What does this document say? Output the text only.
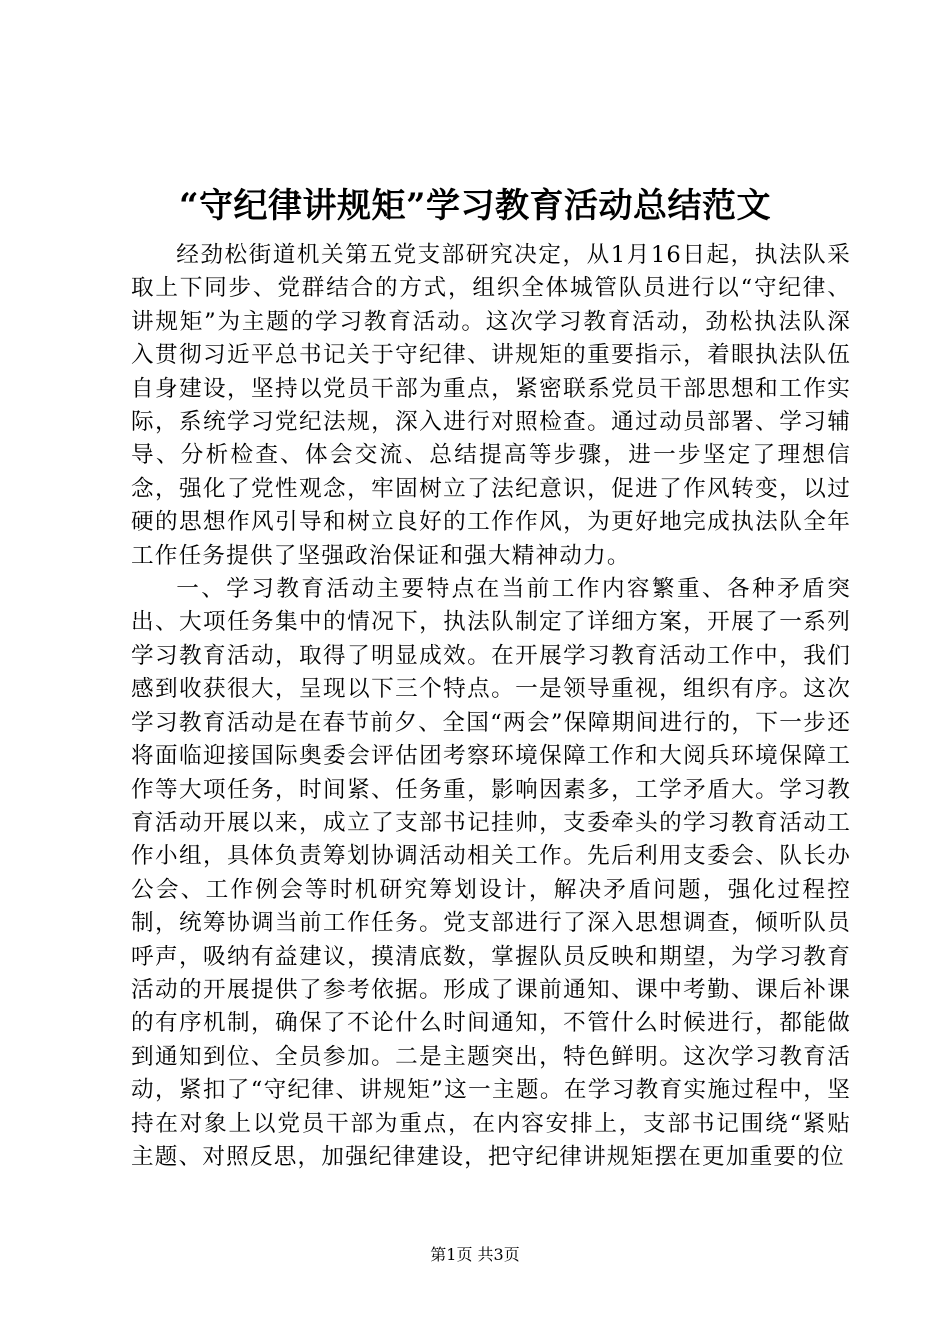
“守纪律讲规矩”学习教育活动总结范文

经劲松街道机关第五党支部研究决定，从1月16日起，执法队采取上下同步、党群结合的方式，组织全体城管队员进行以“守纪律、讲规矩”为主题的学习教育活动。这次学习教育活动，劲松执法队深入贯彻习近平总书记关于守纪律、讲规矩的重要指示，着眼执法队伍自身建设，坚持以党员干部为重点，紧密联系党员干部思想和工作实际，系统学习党纪法规，深入进行对照检查。通过动员部署、学习辅导、分析检查、体会交流、总结提高等步骤，进一步坚定了理想信念，强化了党性观念，牢固树立了法纪意识，促进了作风转变，以过硬的思想作风引导和树立良好的工作作风，为更好地完成执法队全年工作任务提供了坚强政治保证和强大精神动力。

一、学习教育活动主要特点在当前工作内容繁重、各种矛盾突出、大项任务集中的情况下，执法队制定了详细方案，开展了一系列学习教育活动，取得了明显成效。在开展学习教育活动工作中，我们感到收获很大，呈现以下三个特点。一是领导重视，组织有序。这次学习教育活动是在春节前夕、全国“两会”保障期间进行的，下一步还将面临迎接国际奥委会评估团考察环境保障工作和大阅兵环境保障工作等大项任务，时间紧、任务重，影响因素多，工学矛盾大。学习教育活动开展以来，成立了支部书记挂帅，支委牵头的学习教育活动工作小组，具体负责筹划协调活动相关工作。先后利用支委会、队长办公会、工作例会等时机研究筹划设计，解决矛盾问题，强化过程控制，统筹协调当前工作任务。党支部进行了深入思想调查，倾听队员呼声，吸纳有益建议，摸清底数，掌握队员反映和期望，为学习教育活动的开展提供了参考依据。形成了课前通知、课中考勤、课后补课的有序机制，确保了不论什么时间通知，不管什么时候进行，都能做到通知到位、全员参加。二是主题突出，特色鲜明。这次学习教育活动，紧扣了“守纪律、讲规矩”这一主题。在学习教育实施过程中，坚持在对象上以党员干部为重点，在内容安排上，支部书记围绕“紧贴主题、对照反思，加强纪律建设，把守纪律讲规矩摆在更加重要的位

第1页 共3页
